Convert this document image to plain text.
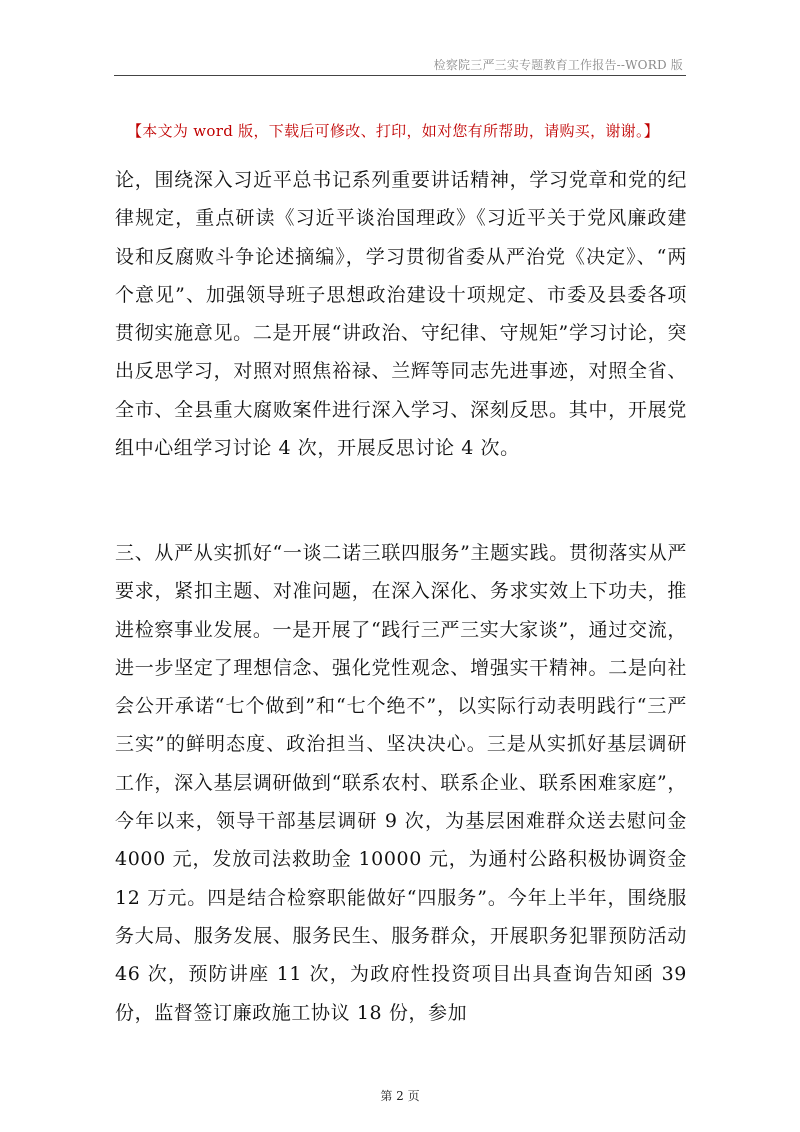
检察院三严三实专题教育工作报告--WORD 版
【本文为 word 版，下载后可修改、打印，如对您有所帮助，请购买，谢谢。】

论，围绕深入习近平总书记系列重要讲话精神，学习党章和党的纪律规定，重点研读《习近平谈治国理政》《习近平关于党风廉政建设和反腐败斗争论述摘编》，学习贯彻省委从严治党《决定》、“两个意见”、加强领导班子思想政治建设十项规定、市委及县委各项贯彻实施意见。二是开展“讲政治、守纪律、守规矩”学习讨论，突出反思学习，对照对照焦裕禄、兰辉等同志先进事迹，对照全省、全市、全县重大腐败案件进行深入学习、深刻反思。其中，开展党组中心组学习讨论 4 次，开展反思讨论 4 次。

三、从严从实抓好“一谈二诺三联四服务”主题实践。贯彻落实从严要求，紧扣主题、对准问题，在深入深化、务求实效上下功夫，推进检察事业发展。一是开展了“践行三严三实大家谈”，通过交流，进一步坚定了理想信念、强化党性观念、增强实干精神。二是向社会公开承诺“七个做到”和“七个绝不”，以实际行动表明践行“三严三实”的鲜明态度、政治担当、坚决决心。三是从实抓好基层调研工作，深入基层调研做到“联系农村、联系企业、联系困难家庭”，今年以来，领导干部基层调研 9 次，为基层困难群众送去慰问金 4000 元，发放司法救助金 10000 元，为通村公路积极协调资金 12 万元。四是结合检察职能做好“四服务”。今年上半年，围绕服务大局、服务发展、服务民生、服务群众，开展职务犯罪预防活动 46 次，预防讲座 11 次，为政府性投资项目出具查询告知函 39 份，监督签订廉政施工协议 18 份，参加

第 2 页
